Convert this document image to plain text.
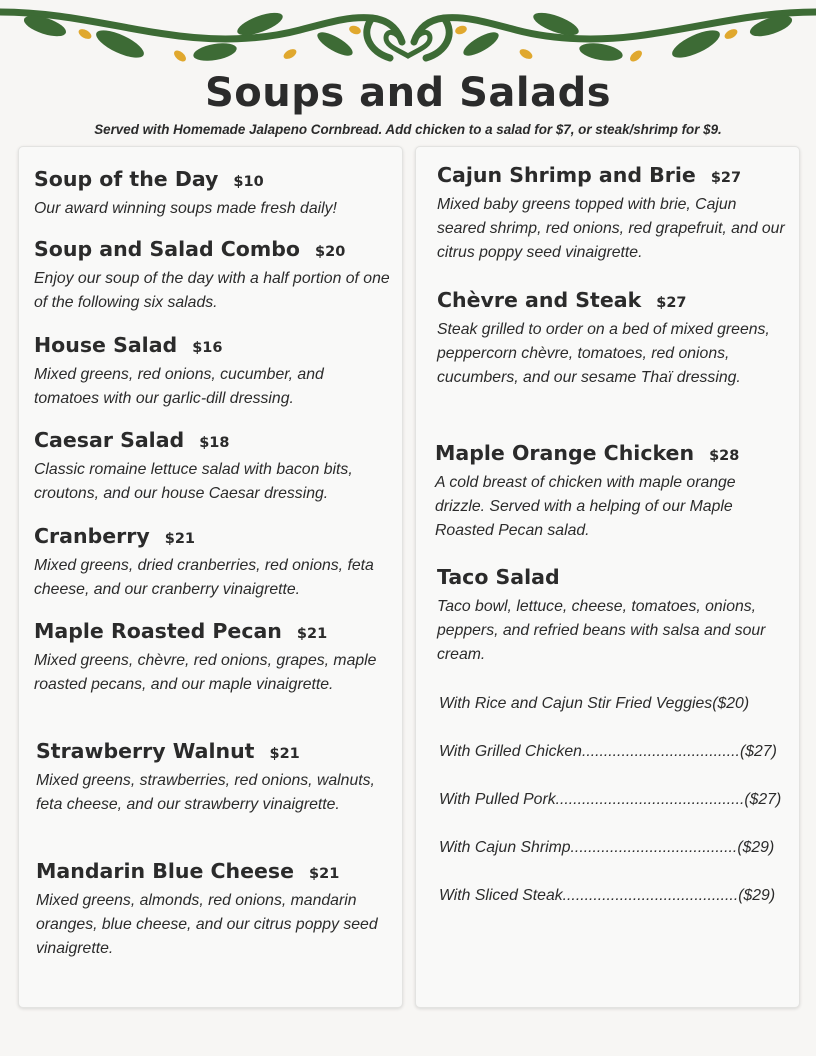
Soups and Salads

Served with Homemade Jalapeno Cornbread. Add chicken to a salad for $7, or steak/shrimp for $9.

Soup of the Day $10
Our award winning soups made fresh daily!
Soup and Salad Combo $20
Enjoy our soup of the day with a half portion of one of the following six salads.
House Salad $16
Mixed greens, red onions, cucumber, and tomatoes with our garlic-dill dressing.
Caesar Salad $18
Classic romaine lettuce salad with bacon bits, croutons, and our house Caesar dressing.
Cranberry $21
Mixed greens, dried cranberries, red onions, feta cheese, and our cranberry vinaigrette.
Maple Roasted Pecan $21
Mixed greens, chèvre, red onions, grapes, maple roasted pecans, and our maple vinaigrette.
Strawberry Walnut $21
Mixed greens, strawberries, red onions, walnuts, feta cheese, and our strawberry vinaigrette.
Mandarin Blue Cheese $21
Mixed greens, almonds, red onions, mandarin oranges, blue cheese, and our citrus poppy seed vinaigrette.
Cajun Shrimp and Brie $27
Mixed baby greens topped with brie, Cajun seared shrimp, red onions, red grapefruit, and our citrus poppy seed vinaigrette.
Chèvre and Steak $27
Steak grilled to order on a bed of mixed greens, peppercorn chèvre, tomatoes, red onions, cucumbers, and our sesame Thaï dressing.
Maple Orange Chicken $28
A cold breast of chicken with maple orange drizzle. Served with a helping of our Maple Roasted Pecan salad.
Taco Salad
Taco bowl, lettuce, cheese, tomatoes, onions, peppers, and refried beans with salsa and sour cream.
With Rice and Cajun Stir Fried Veggies($20)
With Grilled Chicken....................................($27)
With Pulled Pork...........................................($27)
With Cajun Shrimp......................................($29)
With Sliced Steak........................................($29)
